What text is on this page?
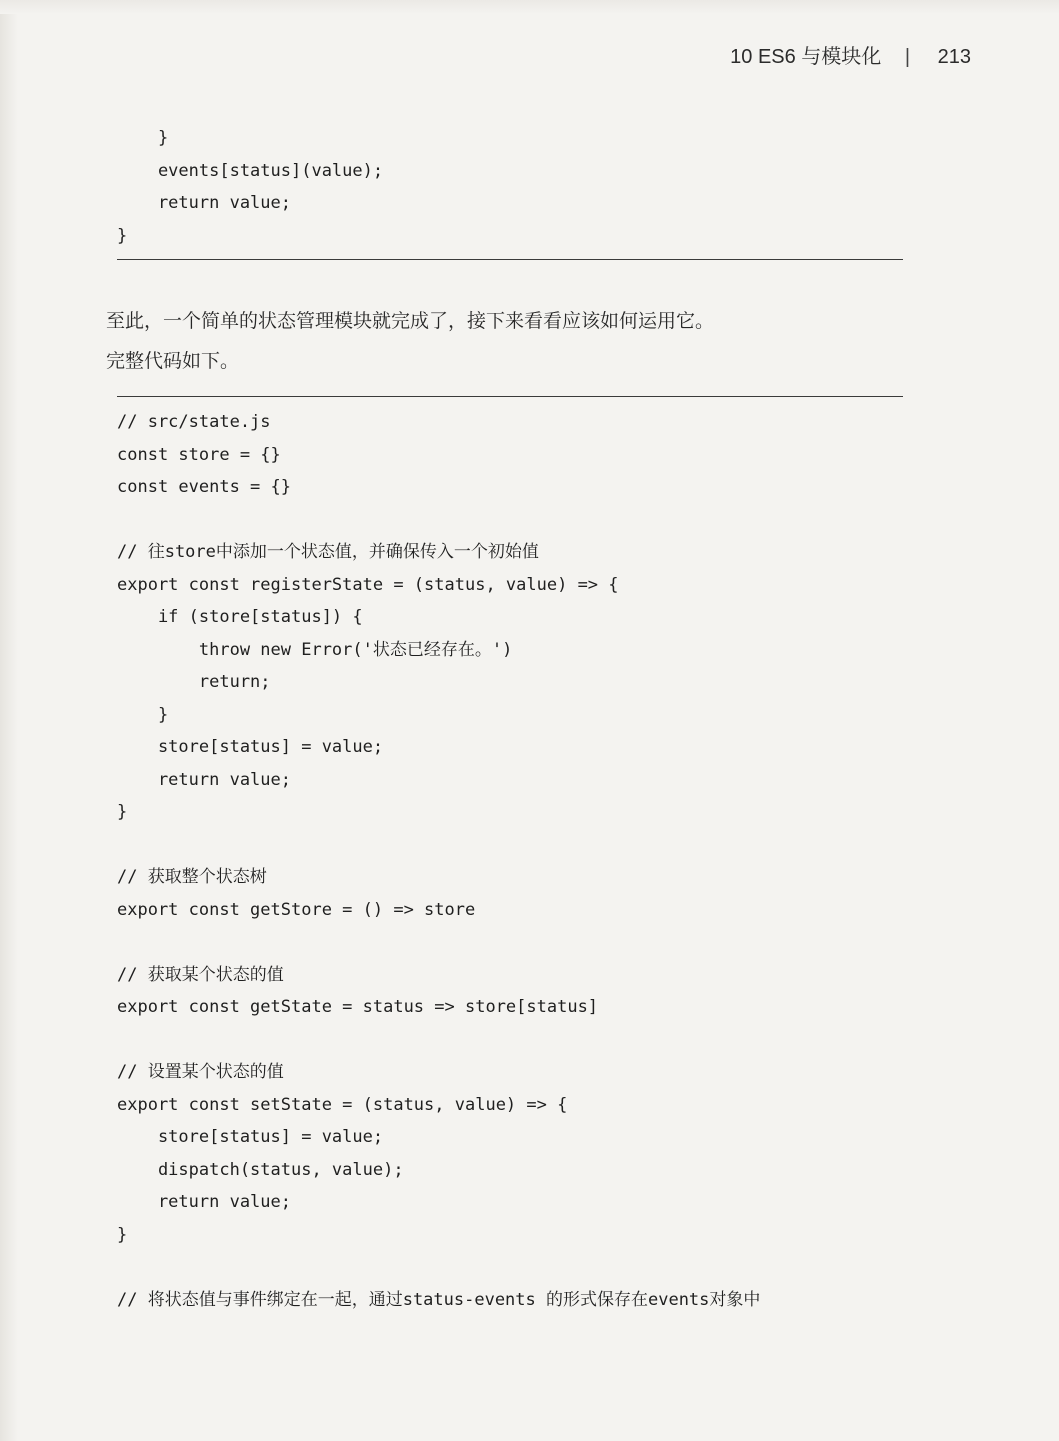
10 ES6 与模块化 | 213
}
events[status](value);
return value;
}
至此，一个简单的状态管理模块就完成了，接下来看看应该如何运用它。
完整代码如下。
// src/state.js
const store = {}
const events = {}

// 往store中添加一个状态值，并确保传入一个初始值
export const registerState = (status, value) => {
if (store[status]) {
throw new Error('状态已经存在。')
return;
}
store[status] = value;
return value;
}

// 获取整个状态树
export const getStore = () => store

// 获取某个状态的值
export const getState = status => store[status]

// 设置某个状态的值
export const setState = (status, value) => {
store[status] = value;
dispatch(status, value);
return value;
}

// 将状态值与事件绑定在一起，通过status-events 的形式保存在events对象中
